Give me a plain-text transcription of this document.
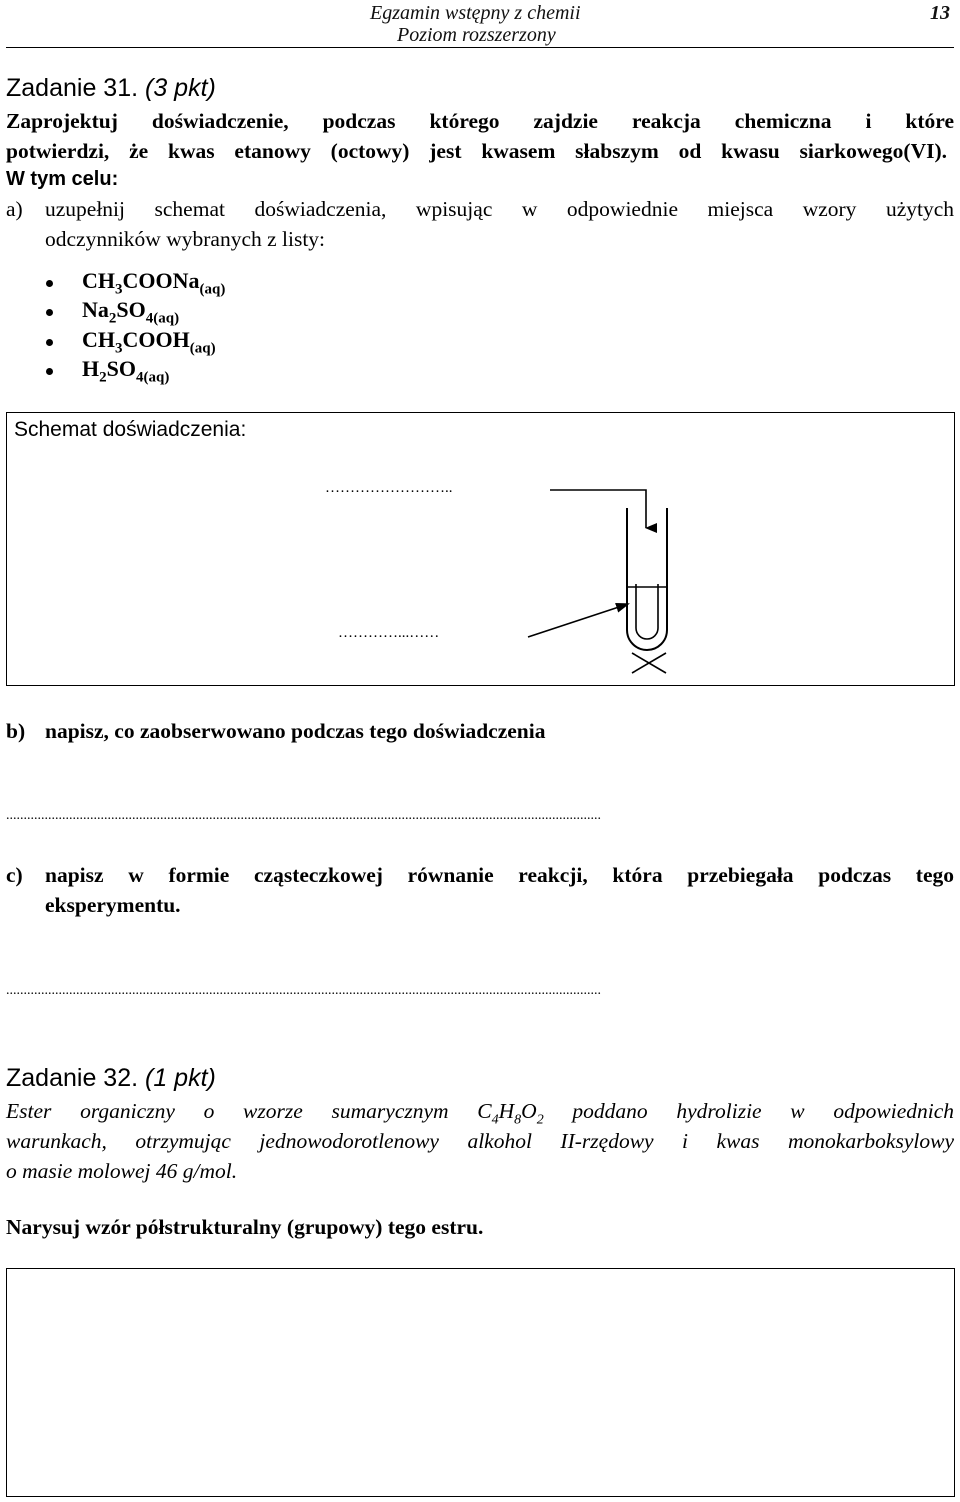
Egzamin wstępny z chemii
Poziom rozszerzony
13
Zadanie 31. (3 pkt)
Zaprojektuj doświadczenie, podczas którego zajdzie reakcja chemiczna i które
potwierdzi, że kwas etanowy (octowy) jest kwasem słabszym od kwasu siarkowego(VI).
W tym celu:
a) uzupełnij schemat doświadczenia, wpisując w odpowiednie miejsca wzory użytych
odczynników wybranych z listy:
$CH_3COONa_{(aq)}$
$Na_2SO_{4(aq)}$
$CH_3COOH_{(aq)}$
$H_2SO_{4(aq)}$
Schemat doświadczenia:
……………………..
…………...……
b) napisz, co zaobserwowano podczas tego doświadczenia
..........................................................................................................................................................................
c) napisz w formie cząsteczkowej równanie reakcji, która przebiegała podczas tego
eksperymentu.
..........................................................................................................................................................................
Zadanie 32. (1 pkt)
Ester organiczny o wzorze sumarycznym $C_4H_8O_2$ poddano hydrolizie w odpowiednich
warunkach, otrzymując jednowodorotlenowy alkohol II-rzędowy i kwas monokarboksylowy
o masie molowej 46 g/mol.
Narysuj wzór półstrukturalny (grupowy) tego estru.
